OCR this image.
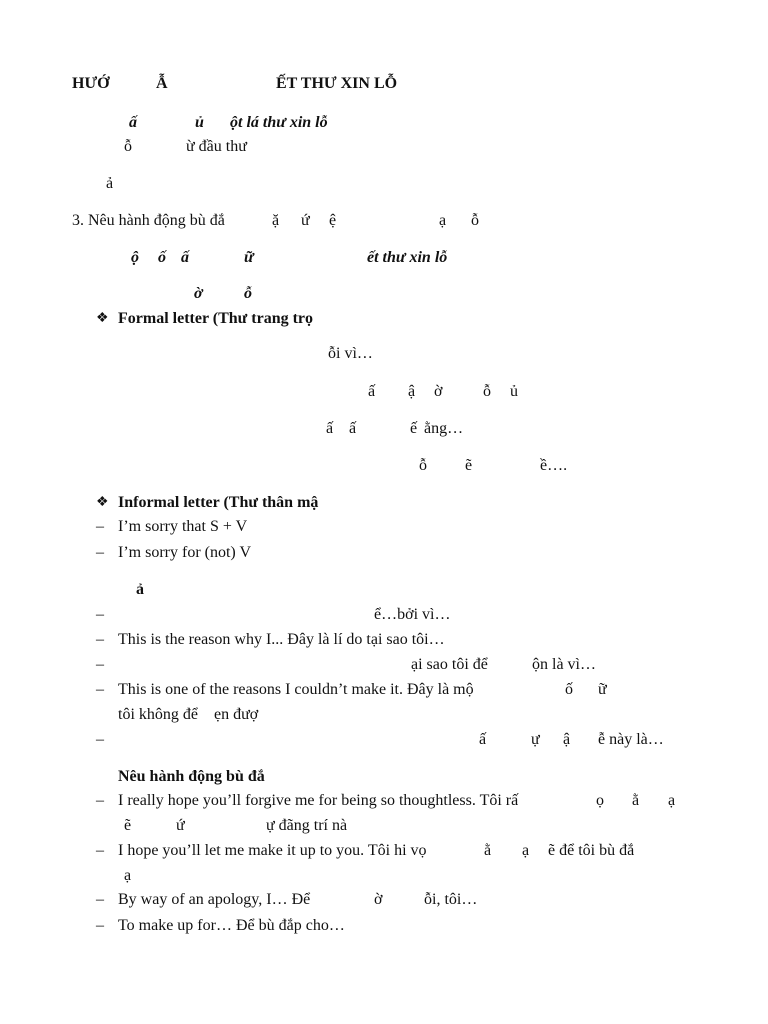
HƯỚ	Ẫ	ẾT THƯ XIN LỖ
ấ	ủ ột lá thư xin lỗ
ỗ	ừ đầu thư
ả
3. Nêu hành động bù đắ	ặ ứ ệ	ạ ỗ
ộ ố ấ	ữ	ết thư xin lỗ
ờ	ỗ
❖ Formal letter (Thư trang trọ
ỗi vì…
ấ ậ ờ	ỗ ủ
ấ ấ	ế ằng…
ỗ ẽ	ề….
❖ Informal letter (Thư thân mậ
– I’m sorry that S + V
– I’m sorry for (not) V
ả
–	ể…bởi vì…
– This is the reason why I... Đây là lí do tại sao tôi…
–	ại sao tôi để	ộn là vì…
– This is one of the reasons I couldn’t make it. Đây là mộ	ố ữ
tôi không để ẹn đượ
–	ấ	ự ậ ễ này là…
Nêu hành động bù đắ
– I really hope you’ll forgive me for being so thoughtless. Tôi rấ	ọ ằ ạ
ẽ	ứ	ự đãng trí nà
– I hope you’ll let me make it up to you. Tôi hi vọ	ằ ạ ẽ để tôi bù đắ
ạ
– By way of an apology, I… Để	ờ	ỗi, tôi…
– To make up for… Để bù đắp cho…
